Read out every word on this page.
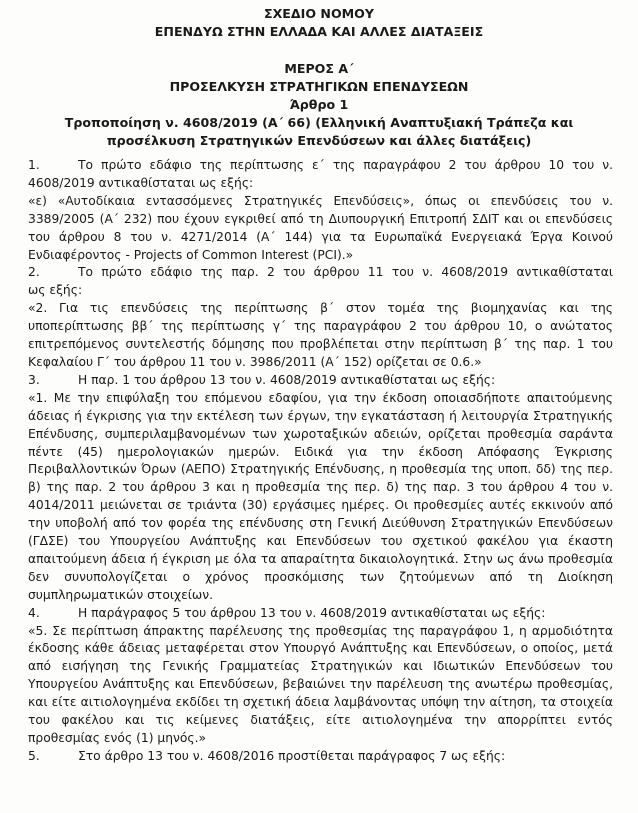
ΣΧΕΔΙΟ ΝΟΜΟΥ
ΕΠΕΝΔΥΩ ΣΤΗΝ ΕΛΛΑΔΑ ΚΑΙ ΑΛΛΕΣ ΔΙΑΤΑΞΕΙΣ
ΜΕΡΟΣ Α΄
ΠΡΟΣΕΛΚΥΣΗ ΣΤΡΑΤΗΓΙΚΩΝ ΕΠΕΝΔΥΣΕΩΝ
Άρθρο 1
Τροποποίηση ν. 4608/2019 (Α΄ 66) (Ελληνική Αναπτυξιακή Τράπεζα και
προσέλκυση Στρατηγικών Επενδύσεων και άλλες διατάξεις)
1.	Το πρώτο εδάφιο της περίπτωσης ε΄ της παραγράφου 2 του άρθρου 10 του ν.
4608/2019 αντικαθίσταται ως εξής:
«ε) «Αυτοδίκαια εντασσόμενες Στρατηγικές Επενδύσεις», όπως οι επενδύσεις του ν. 3389/2005 (Α΄ 232) που έχουν εγκριθεί από τη Διυπουργική Επιτροπή ΣΔΙΤ και οι επενδύσεις του άρθρου 8 του ν. 4271/2014 (Α΄ 144) για τα Ευρωπαϊκά Ενεργειακά Έργα Κοινού Ενδιαφέροντος - Projects of Common Interest (PCI).»
2.	Το πρώτο εδάφιο της παρ. 2 του άρθρου 11 του ν. 4608/2019 αντικαθίσταται
ως εξής:
«2. Για τις επενδύσεις της περίπτωσης β΄ στον τομέα της βιομηχανίας και της υποπερίπτωσης ββ΄ της περίπτωσης γ΄ της παραγράφου 2 του άρθρου 10, ο ανώτατος επιτρεπόμενος συντελεστής δόμησης που προβλέπεται στην περίπτωση β΄ της παρ. 1 του Κεφαλαίου Γ΄ του άρθρου 11 του ν. 3986/2011 (Α΄ 152) ορίζεται σε 0.6.»
3.	Η παρ. 1 του άρθρου 13 του ν. 4608/2019 αντικαθίσταται ως εξής:
«1. Με την επιφύλαξη του επόμενου εδαφίου, για την έκδοση οποιασδήποτε απαιτούμενης άδειας ή έγκρισης για την εκτέλεση των έργων, την εγκατάσταση ή λειτουργία Στρατηγικής Επένδυσης, συμπεριλαμβανομένων των χωροταξικών αδειών, ορίζεται προθεσμία σαράντα πέντε (45) ημερολογιακών ημερών. Ειδικά για την έκδοση Απόφασης Έγκρισης Περιβαλλοντικών Όρων (ΑΕΠΟ) Στρατηγικής Επένδυσης, η προθεσμία της υποπ. δδ) της περ. β) της παρ. 2 του άρθρου 3 και η προθεσμία της περ. δ) της παρ. 3 του άρθρου 4 του ν. 4014/2011 μειώνεται σε τριάντα (30) εργάσιμες ημέρες. Οι προθεσμίες αυτές εκκινούν από την υποβολή από τον φορέα της επένδυσης στη Γενική Διεύθυνση Στρατηγικών Επενδύσεων (ΓΔΣΕ) του Υπουργείου Ανάπτυξης και Επενδύσεων του σχετικού φακέλου για έκαστη απαιτούμενη άδεια ή έγκριση με όλα τα απαραίτητα δικαιολογητικά. Στην ως άνω προθεσμία δεν συνυπολογίζεται ο χρόνος προσκόμισης των ζητούμενων από τη Διοίκηση συμπληρωματικών στοιχείων.
4.	Η παράγραφος 5 του άρθρου 13 του ν. 4608/2019 αντικαθίσταται ως εξής:
«5. Σε περίπτωση άπρακτης παρέλευσης της προθεσμίας της παραγράφου 1, η αρμοδιότητα έκδοσης κάθε άδειας μεταφέρεται στον Υπουργό Ανάπτυξης και Επενδύσεων, ο οποίος, μετά από εισήγηση της Γενικής Γραμματείας Στρατηγικών και Ιδιωτικών Επενδύσεων του Υπουργείου Ανάπτυξης και Επενδύσεων, βεβαιώνει την παρέλευση της ανωτέρω προθεσμίας, και είτε αιτιολογημένα εκδίδει τη σχετική άδεια λαμβάνοντας υπόψη την αίτηση, τα στοιχεία του φακέλου και τις κείμενες διατάξεις, είτε αιτιολογημένα την απορρίπτει εντός προθεσμίας ενός (1) μηνός.»
5.	Στο άρθρο 13 του ν. 4608/2016 προστίθεται παράγραφος 7 ως εξής:
